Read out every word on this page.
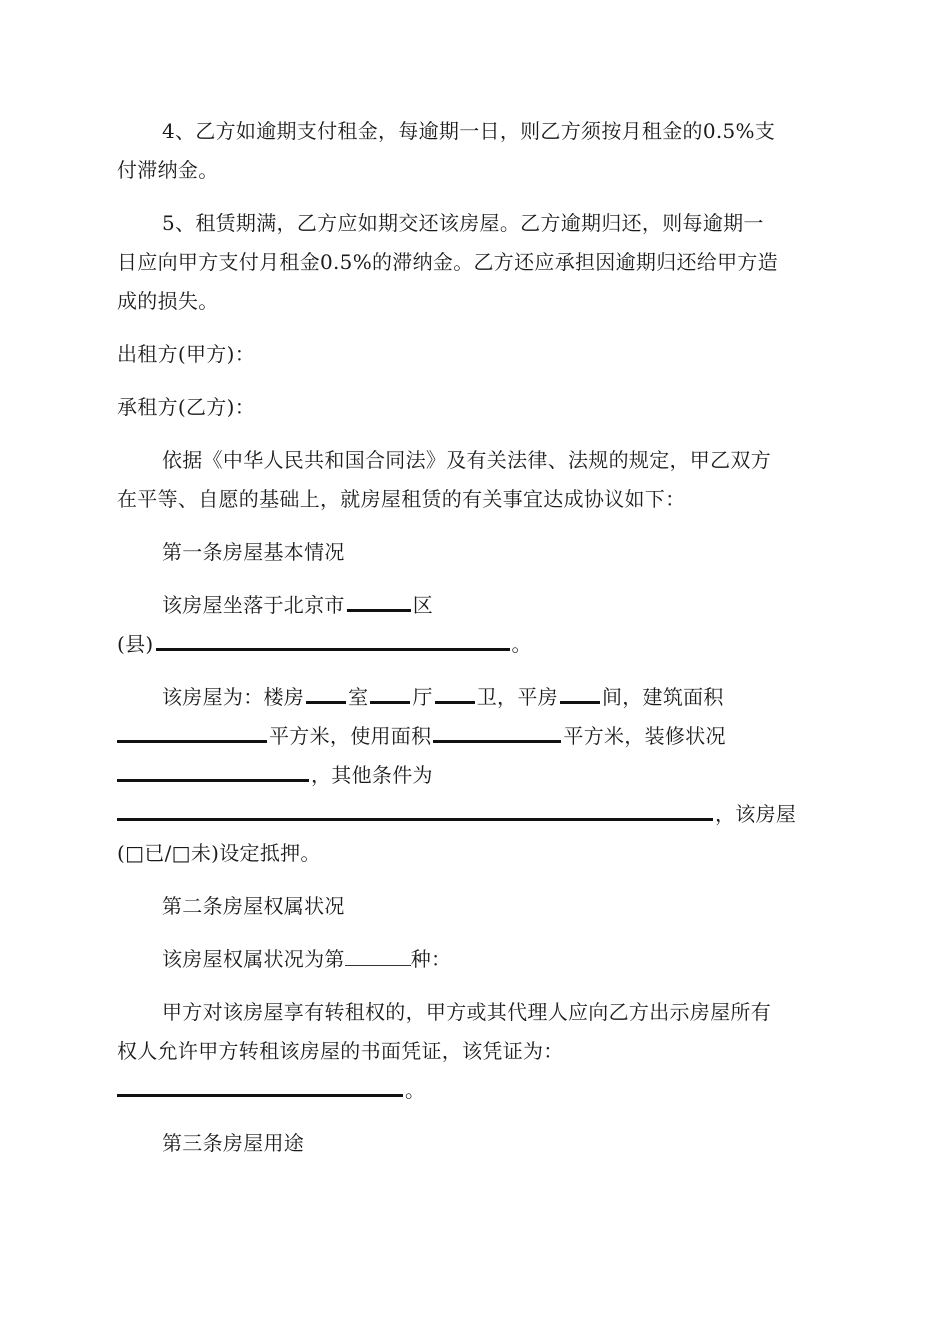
4、乙方如逾期支付租金，每逾期一日，则乙方须按月租金的0.5%支

付滞纳金。

5、租赁期满，乙方应如期交还该房屋。乙方逾期归还，则每逾期一

日应向甲方支付月租金0.5%的滞纳金。乙方还应承担因逾期归还给甲方造

成的损失。

出租方(甲方)：

承租方(乙方)：

依据《中华人民共和国合同法》及有关法律、法规的规定，甲乙双方

在平等、自愿的基础上，就房屋租赁的有关事宜达成协议如下：

第一条房屋基本情况

该房屋坐落于北京市	区

(县)	。

该房屋为：楼房 室 厅 卫，平房 间，建筑面积

平方米，使用面积	平方米，装修状况

，其他条件为

，该房屋

(□已/□未)设定抵押。

第二条房屋权属状况

该房屋权属状况为第	种：

甲方对该房屋享有转租权的，甲方或其代理人应向乙方出示房屋所有

权人允许甲方转租该房屋的书面凭证，该凭证为：

。

第三条房屋用途
